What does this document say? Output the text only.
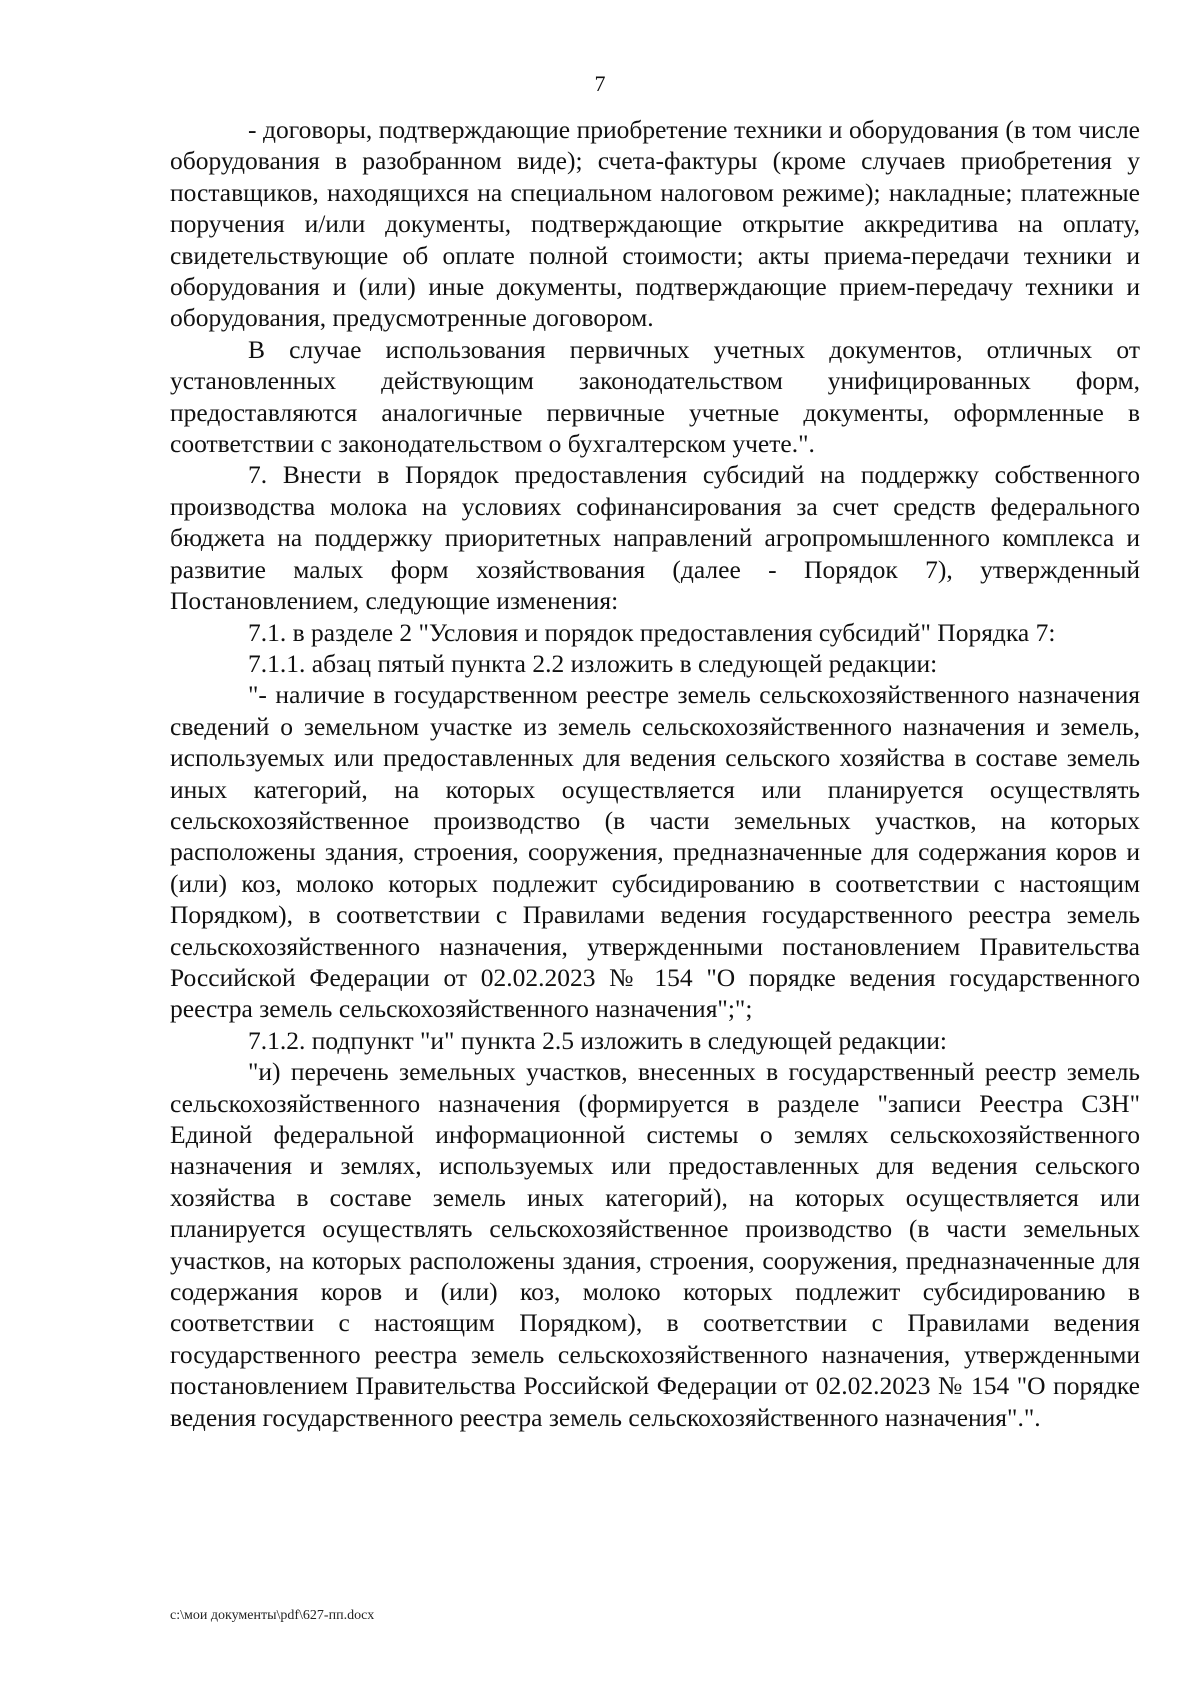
7

- договоры, подтверждающие приобретение техники и оборудования (в том числе оборудования в разобранном виде); счета-фактуры (кроме случаев приобретения у поставщиков, находящихся на специальном налоговом режиме); накладные; платежные поручения и/или документы, подтверждающие открытие аккредитива на оплату, свидетельствующие об оплате полной стоимости; акты приема-передачи техники и оборудования и (или) иные документы, подтверждающие прием-передачу техники и оборудования, предусмотренные договором.

В случае использования первичных учетных документов, отличных от установленных действующим законодательством унифицированных форм, предоставляются аналогичные первичные учетные документы, оформленные в соответствии с законодательством о бухгалтерском учете.".

7. Внести в Порядок предоставления субсидий на поддержку собственного производства молока на условиях софинансирования за счет средств федерального бюджета на поддержку приоритетных направлений агропромышленного комплекса и развитие малых форм хозяйствования (далее - Порядок 7), утвержденный Постановлением, следующие изменения:

7.1. в разделе 2 "Условия и порядок предоставления субсидий" Порядка 7:

7.1.1. абзац пятый пункта 2.2 изложить в следующей редакции:

"- наличие в государственном реестре земель сельскохозяйственного назначения сведений о земельном участке из земель сельскохозяйственного назначения и земель, используемых или предоставленных для ведения сельского хозяйства в составе земель иных категорий, на которых осуществляется или планируется осуществлять сельскохозяйственное производство (в части земельных участков, на которых расположены здания, строения, сооружения, предназначенные для содержания коров и (или) коз, молоко которых подлежит субсидированию в соответствии с настоящим Порядком), в соответствии с Правилами ведения государственного реестра земель сельскохозяйственного назначения, утвержденными постановлением Правительства Российской Федерации от 02.02.2023 № 154 "О порядке ведения государственного реестра земель сельскохозяйственного назначения";";

7.1.2. подпункт "и" пункта 2.5 изложить в следующей редакции:

"и) перечень земельных участков, внесенных в государственный реестр земель сельскохозяйственного назначения (формируется в разделе "записи Реестра СЗН" Единой федеральной информационной системы о землях сельскохозяйственного назначения и землях, используемых или предоставленных для ведения сельского хозяйства в составе земель иных категорий), на которых осуществляется или планируется осуществлять сельскохозяйственное производство (в части земельных участков, на которых расположены здания, строения, сооружения, предназначенные для содержания коров и (или) коз, молоко которых подлежит субсидированию в соответствии с настоящим Порядком), в соответствии с Правилами ведения государственного реестра земель сельскохозяйственного назначения, утвержденными постановлением Правительства Российской Федерации от 02.02.2023 № 154 "О порядке ведения государственного реестра земель сельскохозяйственного назначения".".

c:\мои документы\pdf\627-пп.docx
